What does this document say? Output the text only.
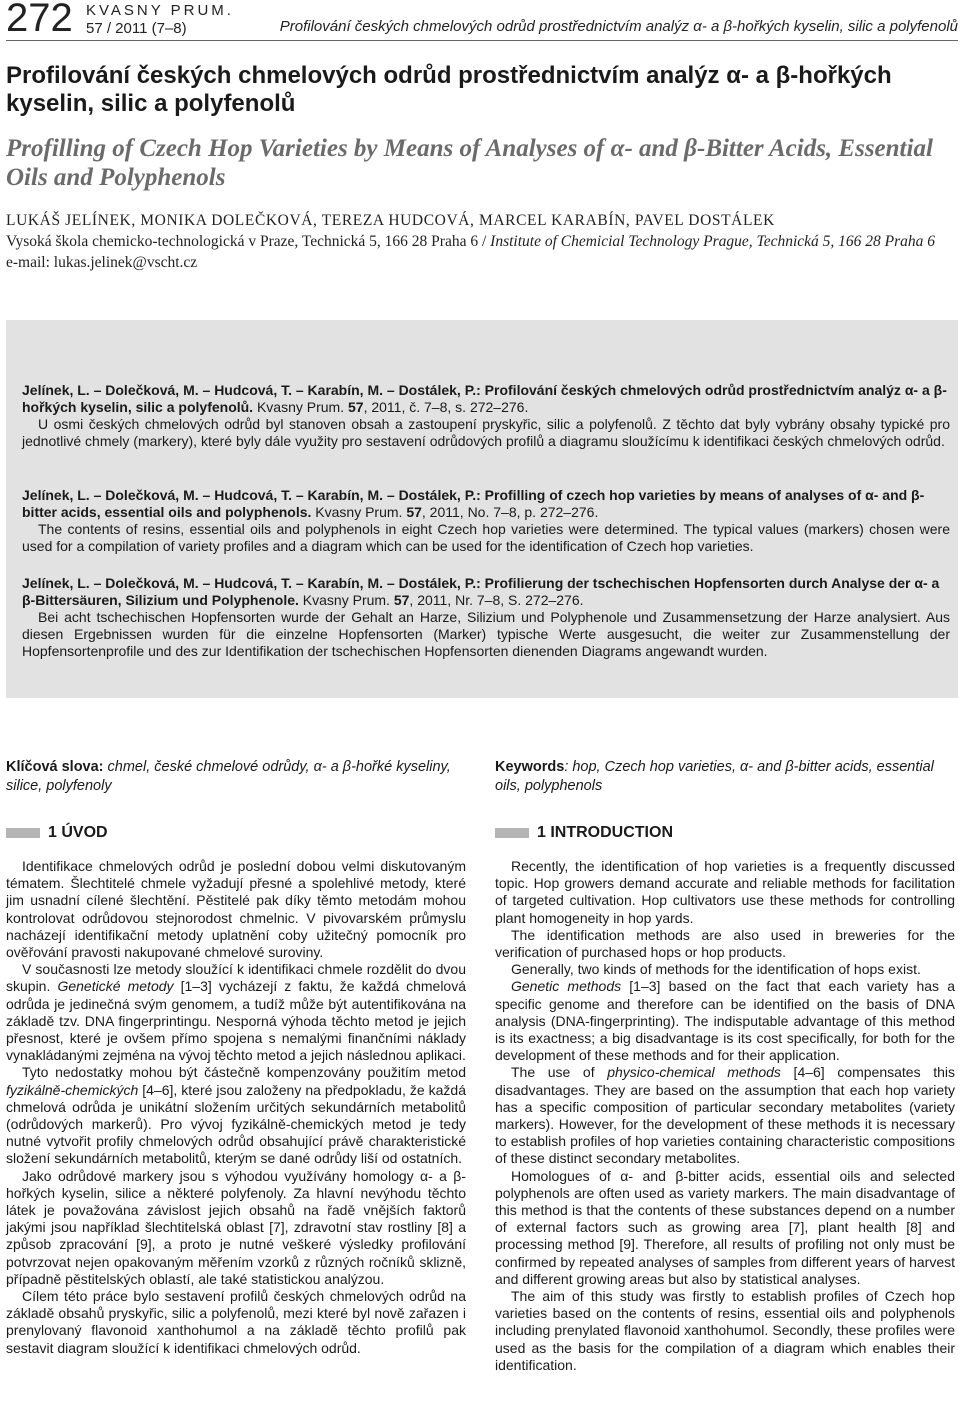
272 KVASNY PRUM.
57 / 2011 (7–8)	Profilování českých chmelových odrůd prostřednictvím analýz α- a β-hořkých kyselin, silic a polyfenolů
Profilování českých chmelových odrůd prostřednictvím analýz α- a β-hořkých kyselin, silic a polyfenolů
Profilling of Czech Hop Varieties by Means of Analyses of α- and β-Bitter Acids, Essential Oils and Polyphenols
LUKÁŠ JELÍNEK, MONIKA DOLEČKOVÁ, TEREZA HUDCOVÁ, MARCEL KARABÍN, PAVEL DOSTÁLEK
Vysoká škola chemicko-technologická v Praze, Technická 5, 166 28 Praha 6 / Institute of Chemicial Technology Prague, Technická 5, 166 28 Praha 6
e-mail: lukas.jelinek@vscht.cz
Jelínek, L. – Dolečková, M. – Hudcová, T. – Karabín, M. – Dostálek, P.: Profilování českých chmelových odrůd prostřednictvím analýz α- a β-hořkých kyselin, silic a polyfenolů. Kvasny Prum. 57, 2011, č. 7–8, s. 272–276.
U osmi českých chmelových odrůd byl stanoven obsah a zastoupení pryskyřic, silic a polyfenolů. Z těchto dat byly vybrány obsahy typické pro jednotlivé chmely (markery), které byly dále využity pro sestavení odrůdových profilů a diagramu sloužícímu k identifikaci českých chmelových odrůd.
Jelínek, L. – Dolečková, M. – Hudcová, T. – Karabín, M. – Dostálek, P.: Profilling of czech hop varieties by means of analyses of α- and β-bitter acids, essential oils and polyphenols. Kvasny Prum. 57, 2011, No. 7–8, p. 272–276.
The contents of resins, essential oils and polyphenols in eight Czech hop varieties were determined. The typical values (markers) chosen were used for a compilation of variety profiles and a diagram which can be used for the identification of Czech hop varieties.
Jelínek, L. – Dolečková, M. – Hudcová, T. – Karabín, M. – Dostálek, P.: Profilierung der tschechischen Hopfensorten durch Analyse der α- a β-Bittersäuren, Silizium und Polyphenole. Kvasny Prum. 57, 2011, Nr. 7–8, S. 272–276.
Bei acht tschechischen Hopfensorten wurde der Gehalt an Harze, Silizium und Polyphenole und Zusammensetzung der Harze analysiert. Aus diesen Ergebnissen wurden für die einzelne Hopfensorten (Marker) typische Werte ausgesucht, die weiter zur Zusammenstellung der Hopfensortenprofile und des zur Identifikation der tschechischen Hopfensorten dienenden Diagrams angewandt wurden.
Klíčová slova: chmel, české chmelové odrůdy, α- a β-hořké kyseliny, silice, polyfenoly
Keywords: hop, Czech hop varieties, α- and β-bitter acids, essential oils, polyphenols
1 ÚVOD	1 INTRODUCTION

Identifikace chmelových odrůd je poslední dobou velmi diskutovaným tématem. Šlechtitelé chmele vyžadují přesné a spolehlivé metody, které jim usnadní cílené šlechtění. Pěstitelé pak díky těmto metodám mohou kontrolovat odrůdovou stejnorodost chmelnic. V pivovarském průmyslu nacházejí identifikační metody uplatnění coby užitečný pomocník pro ověřování pravosti nakupované chmelové suroviny.

V současnosti lze metody sloužící k identifikaci chmele rozdělit do dvou skupin. Genetické metody [1–3] vycházejí z faktu, že každá chmelová odrůda je jedinečná svým genomem, a tudíž může být autentifikována na základě tzv. DNA fingerprintingu. Nesporná výhoda těchto metod je jejich přesnost, které je ovšem přímo spojena s nemalými finančními náklady vynakládanými zejména na vývoj těchto metod a jejich následnou aplikaci.

Tyto nedostatky mohou být částečně kompenzovány použitím metod fyzikálně-chemických [4–6], které jsou založeny na předpokladu, že každá chmelová odrůda je unikátní složením určitých sekundárních metabolitů (odrůdových markerů). Pro vývoj fyzikálně-chemických metod je tedy nutné vytvořit profily chmelových odrůd obsahující právě charakteristické složení sekundárních metabolitů, kterým se dané odrůdy liší od ostatních.

Jako odrůdové markery jsou s výhodou využívány homology α- a β-hořkých kyselin, silice a některé polyfenoly. Za hlavní nevýhodu těchto látek je považována závislost jejich obsahů na řadě vnějších faktorů jakými jsou například šlechtitelská oblast [7], zdravotní stav rostliny [8] a způsob zpracování [9], a proto je nutné veškeré výsledky profilování potvrzovat nejen opakovaným měřením vzorků z různých ročníků sklizně, případně pěstitelských oblastí, ale také statistickou analýzou.

Cílem této práce bylo sestavení profilů českých chmelových odrůd na základě obsahů pryskyřic, silic a polyfenolů, mezi které byl nově zařazen i prenylovaný flavonoid xanthohumol a na základě těchto profilů pak sestavit diagram sloužící k identifikaci chmelových odrůd.

Recently, the identification of hop varieties is a frequently discussed topic. Hop growers demand accurate and reliable methods for facilitation of targeted cultivation. Hop cultivators use these methods for controlling plant homogeneity in hop yards.

The identification methods are also used in breweries for the verification of purchased hops or hop products.

Generally, two kinds of methods for the identification of hops exist.

Genetic methods [1–3] based on the fact that each variety has a specific genome and therefore can be identified on the basis of DNA analysis (DNA-fingerprinting). The indisputable advantage of this method is its exactness; a big disadvantage is its cost specifically, for both for the development of these methods and for their application.

The use of physico-chemical methods [4–6] compensates this disadvantages. They are based on the assumption that each hop variety has a specific composition of particular secondary metabolites (variety markers). However, for the development of these methods it is necessary to establish profiles of hop varieties containing characteristic compositions of these distinct secondary metabolites.

Homologues of α- and β-bitter acids, essential oils and selected polyphenols are often used as variety markers. The main disadvantage of this method is that the contents of these substances depend on a number of external factors such as growing area [7], plant health [8] and processing method [9]. Therefore, all results of profiling not only must be confirmed by repeated analyses of samples from different years of harvest and different growing areas but also by statistical analyses.

The aim of this study was firstly to establish profiles of Czech hop varieties based on the contents of resins, essential oils and polyphenols including prenylated flavonoid xanthohumol. Secondly, these profiles were used as the basis for the compilation of a diagram which enables their identification.
